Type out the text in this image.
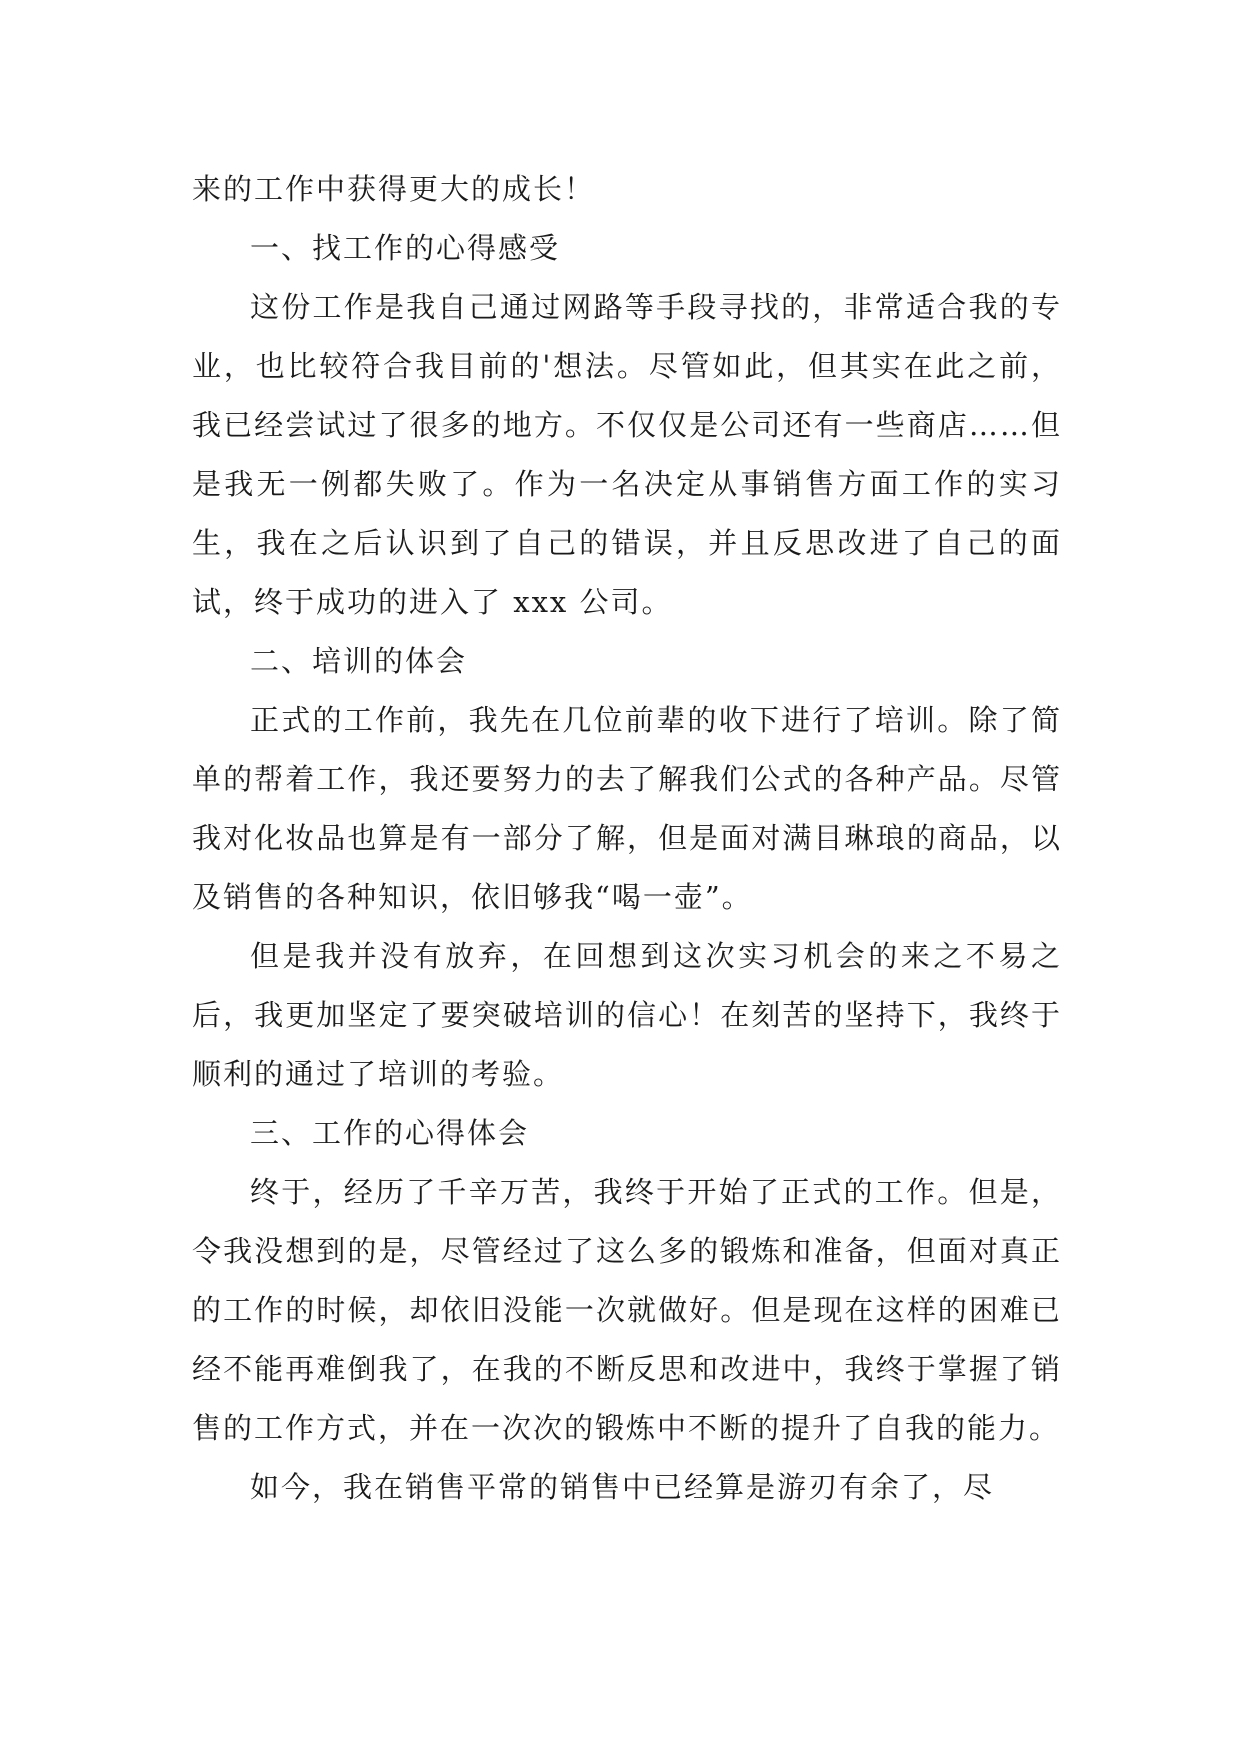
来的工作中获得更大的成长！

一、找工作的心得感受

这份工作是我自己通过网路等手段寻找的，非常适合我的专业，也比较符合我目前的'想法。尽管如此，但其实在此之前，我已经尝试过了很多的地方。不仅仅是公司还有一些商店……但是我无一例都失败了。作为一名决定从事销售方面工作的实习生，我在之后认识到了自己的错误，并且反思改进了自己的面试，终于成功的进入了 xxx 公司。

二、培训的体会

正式的工作前，我先在几位前辈的收下进行了培训。除了简单的帮着工作，我还要努力的去了解我们公式的各种产品。尽管我对化妆品也算是有一部分了解，但是面对满目琳琅的商品，以及销售的各种知识，依旧够我“喝一壶”。

但是我并没有放弃，在回想到这次实习机会的来之不易之后，我更加坚定了要突破培训的信心！在刻苦的坚持下，我终于顺利的通过了培训的考验。

三、工作的心得体会

终于，经历了千辛万苦，我终于开始了正式的工作。但是，令我没想到的是，尽管经过了这么多的锻炼和准备，但面对真正的工作的时候，却依旧没能一次就做好。但是现在这样的困难已经不能再难倒我了，在我的不断反思和改进中，我终于掌握了销售的工作方式，并在一次次的锻炼中不断的提升了自我的能力。

如今，我在销售平常的销售中已经算是游刃有余了，尽
